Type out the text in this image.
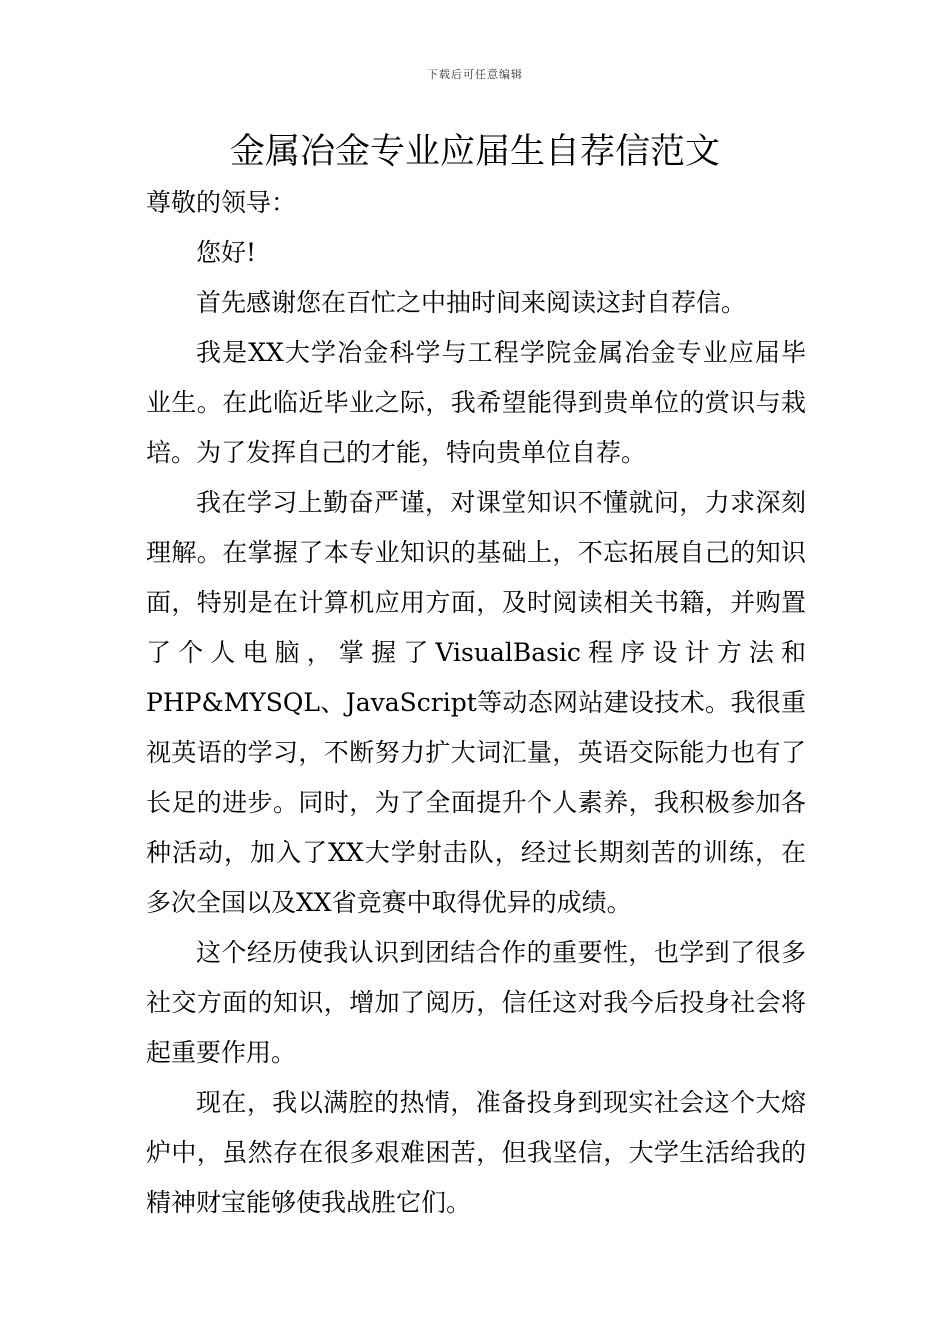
下载后可任意编辑
金属冶金专业应届生自荐信范文

尊敬的领导：

您好!

首先感谢您在百忙之中抽时间来阅读这封自荐信。

我是XX大学冶金科学与工程学院金属冶金专业应届毕业生。在此临近毕业之际，我希望能得到贵单位的赏识与栽培。为了发挥自己的才能，特向贵单位自荐。

我在学习上勤奋严谨，对课堂知识不懂就问，力求深刻理解。在掌握了本专业知识的基础上，不忘拓展自己的知识面，特别是在计算机应用方面，及时阅读相关书籍，并购置了个人电脑，掌握了VisualBasic程序设计方法和PHP&MYSQL、JavaScript等动态网站建设技术。我很重视英语的学习，不断努力扩大词汇量，英语交际能力也有了长足的进步。同时，为了全面提升个人素养，我积极参加各种活动，加入了XX大学射击队，经过长期刻苦的训练，在多次全国以及XX省竞赛中取得优异的成绩。

这个经历使我认识到团结合作的重要性，也学到了很多社交方面的知识，增加了阅历，信任这对我今后投身社会将起重要作用。

现在，我以满腔的热情，准备投身到现实社会这个大熔炉中，虽然存在很多艰难困苦，但我坚信，大学生活给我的精神财宝能够使我战胜它们。
